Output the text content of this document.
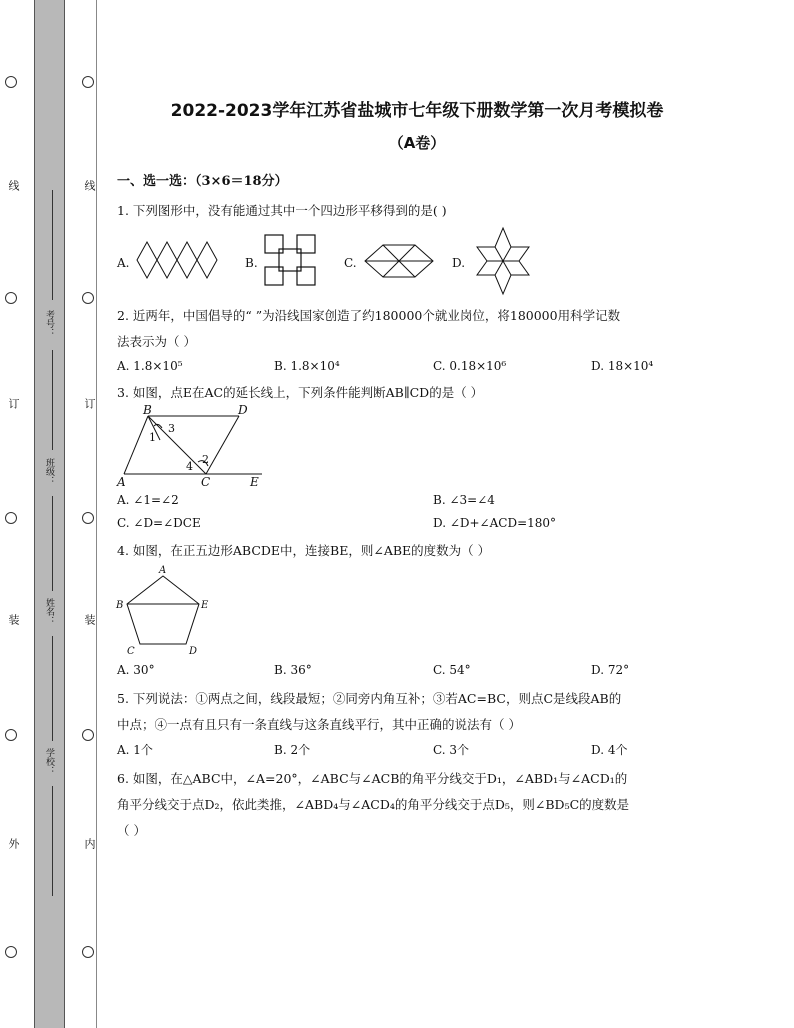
线
订
装
外
线
订
装
内
考号：
班级：
姓名：
学校：
2022-2023学年江苏省盐城市七年级下册数学第一次月考模拟卷
（A卷）
一、选一选：（3×6＝18分）
1. 下列图形中，没有能通过其中一个四边形平移得到的是( )
A.	B.	C.	D.
2. 近两年，中国倡导的“ ”为沿线国家创造了约180000个就业岗位，将180000用科学记数
法表示为（ ）
A. 1.8×10⁵	B. 1.8×10⁴	C. 0.18×10⁶	D. 18×10⁴
3. 如图，点E在AC的延长线上，下列条件能判断AB∥CD的是（ ）
B	D
1
3
4
2
A	C	E
A. ∠1=∠2	B. ∠3=∠4
C. ∠D=∠DCE	D. ∠D+∠ACD=180°
4. 如图，在正五边形ABCDE中，连接BE，则∠ABE的度数为（ ）
A
B	E
C	D
A. 30°	B. 36°	C. 54°	D. 72°
5. 下列说法：①两点之间，线段最短；②同旁内角互补；③若AC=BC，则点C是线段AB的
中点；④一点有且只有一条直线与这条直线平行，其中正确的说法有（ ）
A. 1个	B. 2个	C. 3个	D. 4个
6. 如图，在△ABC中，∠A=20°，∠ABC与∠ACB的角平分线交于D₁，∠ABD₁与∠ACD₁的
角平分线交于点D₂，依此类推，∠ABD₄与∠ACD₄的角平分线交于点D₅，则∠BD₅C的度数是
（ ）
